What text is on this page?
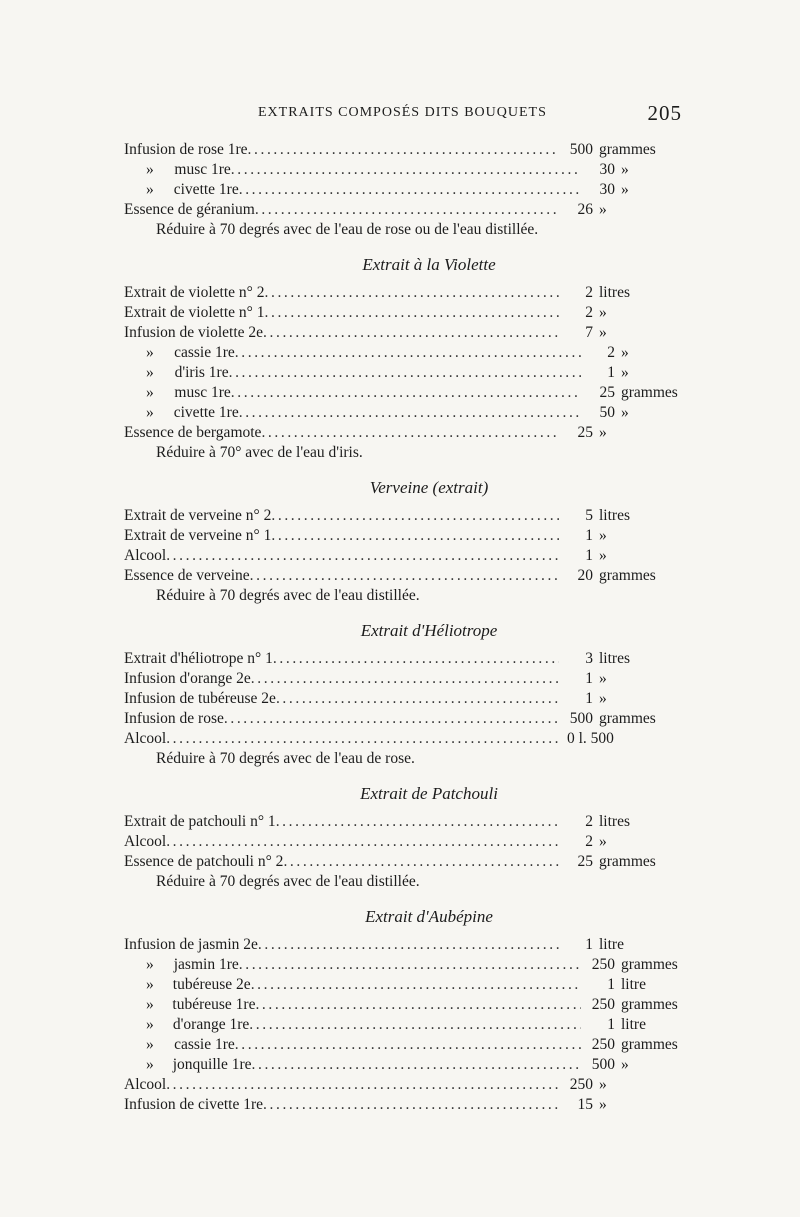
EXTRAITS COMPOSÉS DITS BOUQUETS	205
Infusion de rose 1re .....	500 grammes
»	musc 1re .....	30 »
»	civette 1re .....	30 »
Essence de géranium .....	26 »
Réduire à 70 degrés avec de l'eau de rose ou de l'eau distillée.
Extrait à la Violette
Extrait de violette n° 2 .....	2 litres
Extrait de violette n° 1 .....	2 »
Infusion de violette 2e .....	7 »
»	cassie 1re .....	2 »
»	d'iris 1re .....	1 »
»	musc 1re .....	25 grammes
»	civette 1re .....	50 »
Essence de bergamote .....	25 »
Réduire à 70° avec de l'eau d'iris.
Verveine (extrait)
Extrait de verveine n° 2 .....	5 litres
Extrait de verveine n° 1 .....	1 »
Alcool .....	1 »
Essence de verveine .....	20 grammes
Réduire à 70 degrés avec de l'eau distillée.
Extrait d'Héliotrope
Extrait d'héliotrope n° 1 .....	3 litres
Infusion d'orange 2e .....	1 »
Infusion de tubéreuse 2e .....	1 »
Infusion de rose .....	500 grammes
Alcool .....	0 l. 500
Réduire à 70 degrés avec de l'eau de rose.
Extrait de Patchouli
Extrait de patchouli n° 1 .....	2 litres
Alcool .....	2 »
Essence de patchouli n° 2 .....	25 grammes
Réduire à 70 degrés avec de l'eau distillée.
Extrait d'Aubépine
Infusion de jasmin 2e .....	1 litre
»	jasmin 1re .....	250 grammes
»	tubéreuse 2e .....	1 litre
»	tubéreuse 1re .....	250 grammes
»	d'orange 1re .....	1 litre
»	cassie 1re .....	250 grammes
»	jonquille 1re .....	500 »
Alcool .....	250 »
Infusion de civette 1re .....	15 »
